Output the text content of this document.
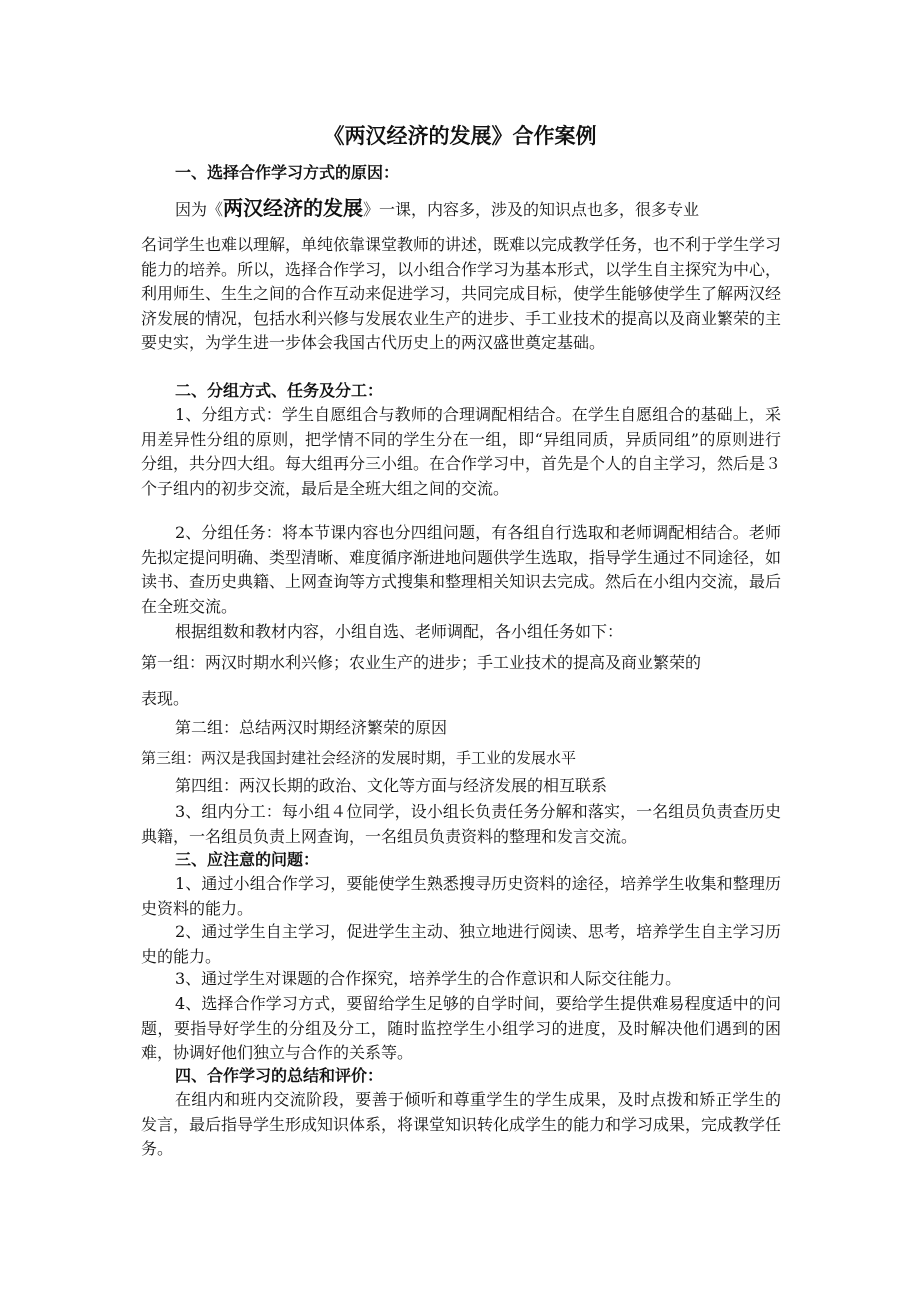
《两汉经济的发展》合作案例
一、选择合作学习方式的原因：
因为《两汉经济的发展》一课，内容多，涉及的知识点也多，很多专业
名词学生也难以理解，单纯依靠课堂教师的讲述，既难以完成教学任务，也不利于学生学习能力的培养。所以，选择合作学习，以小组合作学习为基本形式，以学生自主探究为中心，利用师生、生生之间的合作互动来促进学习，共同完成目标，使学生能够使学生了解两汉经济发展的情况，包括水利兴修与发展农业生产的进步、手工业技术的提高以及商业繁荣的主要史实，为学生进一步体会我国古代历史上的两汉盛世奠定基础。
二、分组方式、任务及分工：
1、分组方式：学生自愿组合与教师的合理调配相结合。在学生自愿组合的基础上，采用差异性分组的原则，把学情不同的学生分在一组，即“异组同质，异质同组”的原则进行分组，共分四大组。每大组再分三小组。在合作学习中，首先是个人的自主学习，然后是３个子组内的初步交流，最后是全班大组之间的交流。
2、分组任务：将本节课内容也分四组问题，有各组自行选取和老师调配相结合。老师先拟定提问明确、类型清晰、难度循序渐进地问题供学生选取，指导学生通过不同途径，如读书、查历史典籍、上网查询等方式搜集和整理相关知识去完成。然后在小组内交流，最后在全班交流。
根据组数和教材内容，小组自选、老师调配，各小组任务如下：
第一组：两汉时期水利兴修；农业生产的进步；手工业技术的提高及商业繁荣的
表现。
第二组：总结两汉时期经济繁荣的原因
第三组：两汉是我国封建社会经济的发展时期，手工业的发展水平
第四组：两汉长期的政治、文化等方面与经济发展的相互联系
3、组内分工：每小组４位同学，设小组长负责任务分解和落实，一名组员负责查历史典籍，一名组员负责上网查询，一名组员负责资料的整理和发言交流。
三、应注意的问题：
1、通过小组合作学习，要能使学生熟悉搜寻历史资料的途径，培养学生收集和整理历史资料的能力。
2、通过学生自主学习，促进学生主动、独立地进行阅读、思考，培养学生自主学习历史的能力。
3、通过学生对课题的合作探究，培养学生的合作意识和人际交往能力。
4、选择合作学习方式，要留给学生足够的自学时间，要给学生提供难易程度适中的问题，要指导好学生的分组及分工，随时监控学生小组学习的进度，及时解决他们遇到的困难，协调好他们独立与合作的关系等。
四、合作学习的总结和评价：
在组内和班内交流阶段，要善于倾听和尊重学生的学生成果，及时点拨和矫正学生的发言，最后指导学生形成知识体系，将课堂知识转化成学生的能力和学习成果，完成教学任务。
